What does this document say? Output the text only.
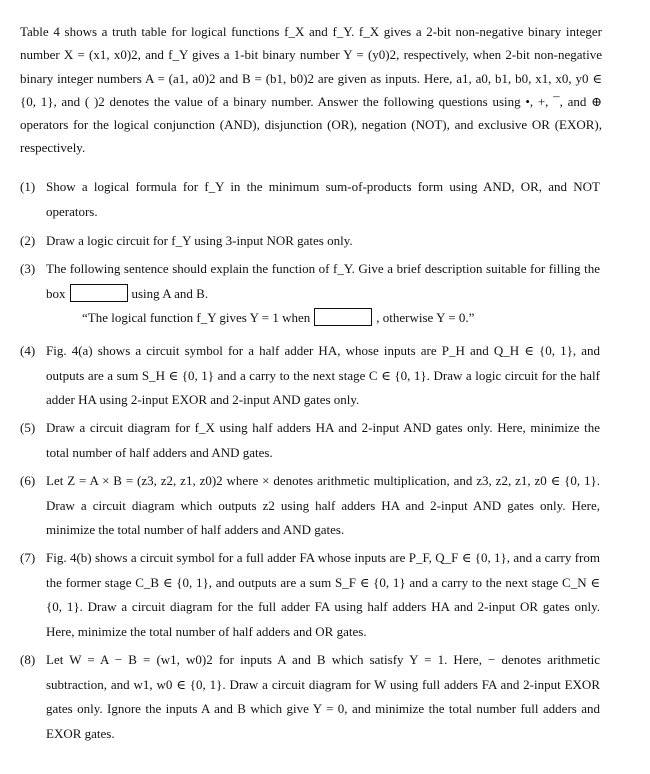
Table 4 shows a truth table for logical functions f_X and f_Y. f_X gives a 2-bit non-negative binary integer number X = (x1, x0)2, and f_Y gives a 1-bit binary number Y = (y0)2, respectively, when 2-bit non-negative binary integer numbers A = (a1, a0)2 and B = (b1, b0)2 are given as inputs. Here, a1, a0, b1, b0, x1, x0, y0 ∈ {0, 1}, and ( )2 denotes the value of a binary number. Answer the following questions using •, +, ¯, and ⊕ operators for the logical conjunction (AND), disjunction (OR), negation (NOT), and exclusive OR (EXOR), respectively.

(1) Show a logical formula for f_Y in the minimum sum-of-products form using AND, OR, and NOT operators.
(2) Draw a logic circuit for f_Y using 3-input NOR gates only.
(3) The following sentence should explain the function of f_Y. Give a brief description suitable for filling the box	using A and B.
“The logical function f_Y gives Y = 1 when	, otherwise Y = 0.”
(4) Fig. 4(a) shows a circuit symbol for a half adder HA, whose inputs are P_H and Q_H ∈ {0, 1}, and outputs are a sum S_H ∈ {0, 1} and a carry to the next stage C ∈ {0, 1}. Draw a logic circuit for the half adder HA using 2-input EXOR and 2-input AND gates only.
(5) Draw a circuit diagram for f_X using half adders HA and 2-input AND gates only. Here, minimize the total number of half adders and AND gates.
(6) Let Z = A × B = (z3, z2, z1, z0)2 where × denotes arithmetic multiplication, and z3, z2, z1, z0 ∈ {0, 1}. Draw a circuit diagram which outputs z2 using half adders HA and 2-input AND gates only. Here, minimize the total number of half adders and AND gates.
(7) Fig. 4(b) shows a circuit symbol for a full adder FA whose inputs are P_F, Q_F ∈ {0, 1}, and a carry from the former stage C_B ∈ {0, 1}, and outputs are a sum S_F ∈ {0, 1} and a carry to the next stage C_N ∈ {0, 1}. Draw a circuit diagram for the full adder FA using half adders HA and 2-input OR gates only. Here, minimize the total number of half adders and OR gates.
(8) Let W = A − B = (w1, w0)2 for inputs A and B which satisfy Y = 1. Here, − denotes arithmetic subtraction, and w1, w0 ∈ {0, 1}. Draw a circuit diagram for W using full adders FA and 2-input EXOR gates only. Ignore the inputs A and B which give Y = 0, and minimize the total number full adders and EXOR gates.
